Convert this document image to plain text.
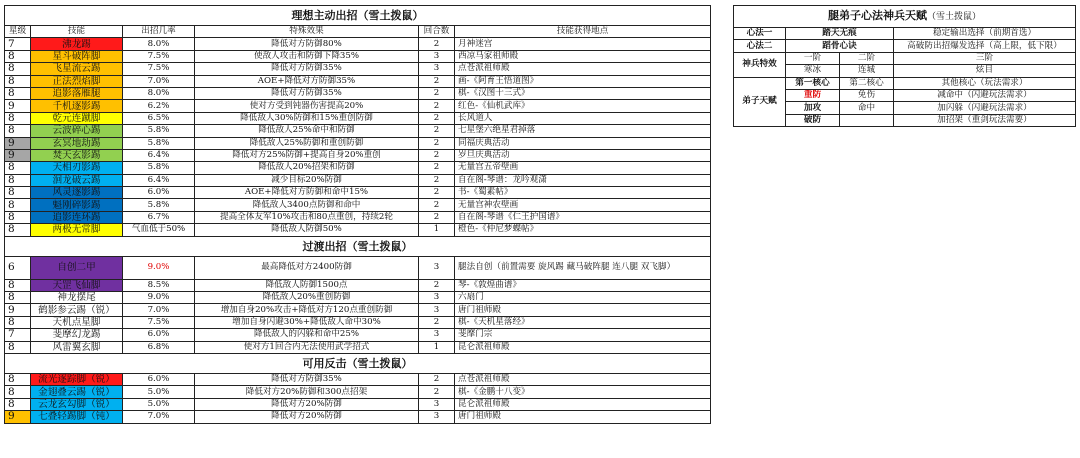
理想主动出招（雪土拨鼠）					
星级	技能	出招几率	特殊效果	回合数	技能获得地点
7	沸龙踢	8.0%	降低对方防御80%	2	月神迷宫
8	星斗破阵脚	7.5%	使敌人攻击和防御下降35%	3	西凉马家祖师殿
8	飞星流云踢	7.5%	降低对方防御35%	3	点苍派祖师殿
8	正法烈焰脚	7.0%	AOE+降低对方防御35%	2	画-《阿育王悟道图》
8	追影落雁腿	8.0%	降低对方防御35%	2	棋-《汉图十三式》
9	千机逐影踢	6.2%	使对方受到钝器伤害提高20%	2	红色-《仙机武库》
8	乾元连蹴脚	6.5%	降低敌人30%防御和15%重创防御	2	长风道人
8	云波碎心踢	5.8%	降低敌人25%命中和防御	2	七星堡六绝星君掉落
9	玄冥地劫踢	5.8%	降低敌人25%防御和重创防御	2	同福庆典活动
9	焚天玄影踢	6.4%	降低对方25%防御+提高自身20%重创	2	岁旦庆典活动
8	天相刃影踢	5.8%	降低敌人20%招架和防御	2	无量宫五帝壁画
8	洄龙破云踢	6.4%	减少目标20%防御	2	自在阁-琴谱：龙吟观潇
8	风灵逐影踢	6.0%	AOE+降低对方防御和命中15%	2	书-《蜀素帖》
8	魁刚碎影踢	5.8%	降低敌人3400点防御和命中	2	无量宫神农壁画
8	追影连环踢	6.7%	提高全体友军10%攻击和80点重创，持续2轮	2	自在阁-琴谱《仁王护国谱》
8	两极无常脚	气血低于50%	降低敌人防御50%	1	橙色-《仲尼梦蝶帖》
过渡出招（雪土拨鼠）					
6	自创二甲	9.0%	最高降低对方2400防御	3	腿法自创（前置需要 旋风踢 藏马破阵腿 连八腿 双飞脚）
8	天罡飞仙脚	8.5%	降低敌人防御1500点	2	琴-《敦煌曲谱》
8	神龙摆尾	9.0%	降低敌人20%重创防御	3	六扇门
9	鹤影参云踢（锐）	7.0%	增加自身20%攻击+降低对方120点重创防御	3	唐门祖师殿
8	天机点星脚	7.5%	增加自身闪避30%+降低敌人命中30%	2	棋-《天机星落经》
7	斐摩幻龙踢	6.0%	降低敌人的闪躲和命中25%	3	斐摩门宗
8	风雷翼玄脚	6.8%	使对方1回合内无法使用武学招式	1	昆仑派祖师殿
可用反击（雪土拨鼠）					
8	流光逐踪脚（锐）	6.0%	降低对方防御35%	2	点苍派祖师殿
8	金翅叠云踢（锐）	5.0%	降低对方20%防御和300点招架	2	棋-《金鹏十八变》
8	云龙玄勾脚（锐）	5.0%	降低对方20%防御	3	昆仑派祖师殿
9	七叠轻踢脚（钝）	7.0%	降低对方20%防御	3	唐门祖师殿
腿弟子心法神兵天赋（雪土拨鼠）			
心法一	踏天无痕		稳定输出选择（前期首选）
心法二	蹈骨心诀		高破防出招爆发选择（高上限，低下限）
神兵特效	一阶	二阶	三阶
	寒冰	连城	炫目
弟子天赋	第一核心	第二核心	其他核心（玩法需求）
	重防	免伤	减命中（闪避玩法需求）
	加攻	命中	加闪躲（闪避玩法需求）
	破防		加招架（重剑玩法需要）
